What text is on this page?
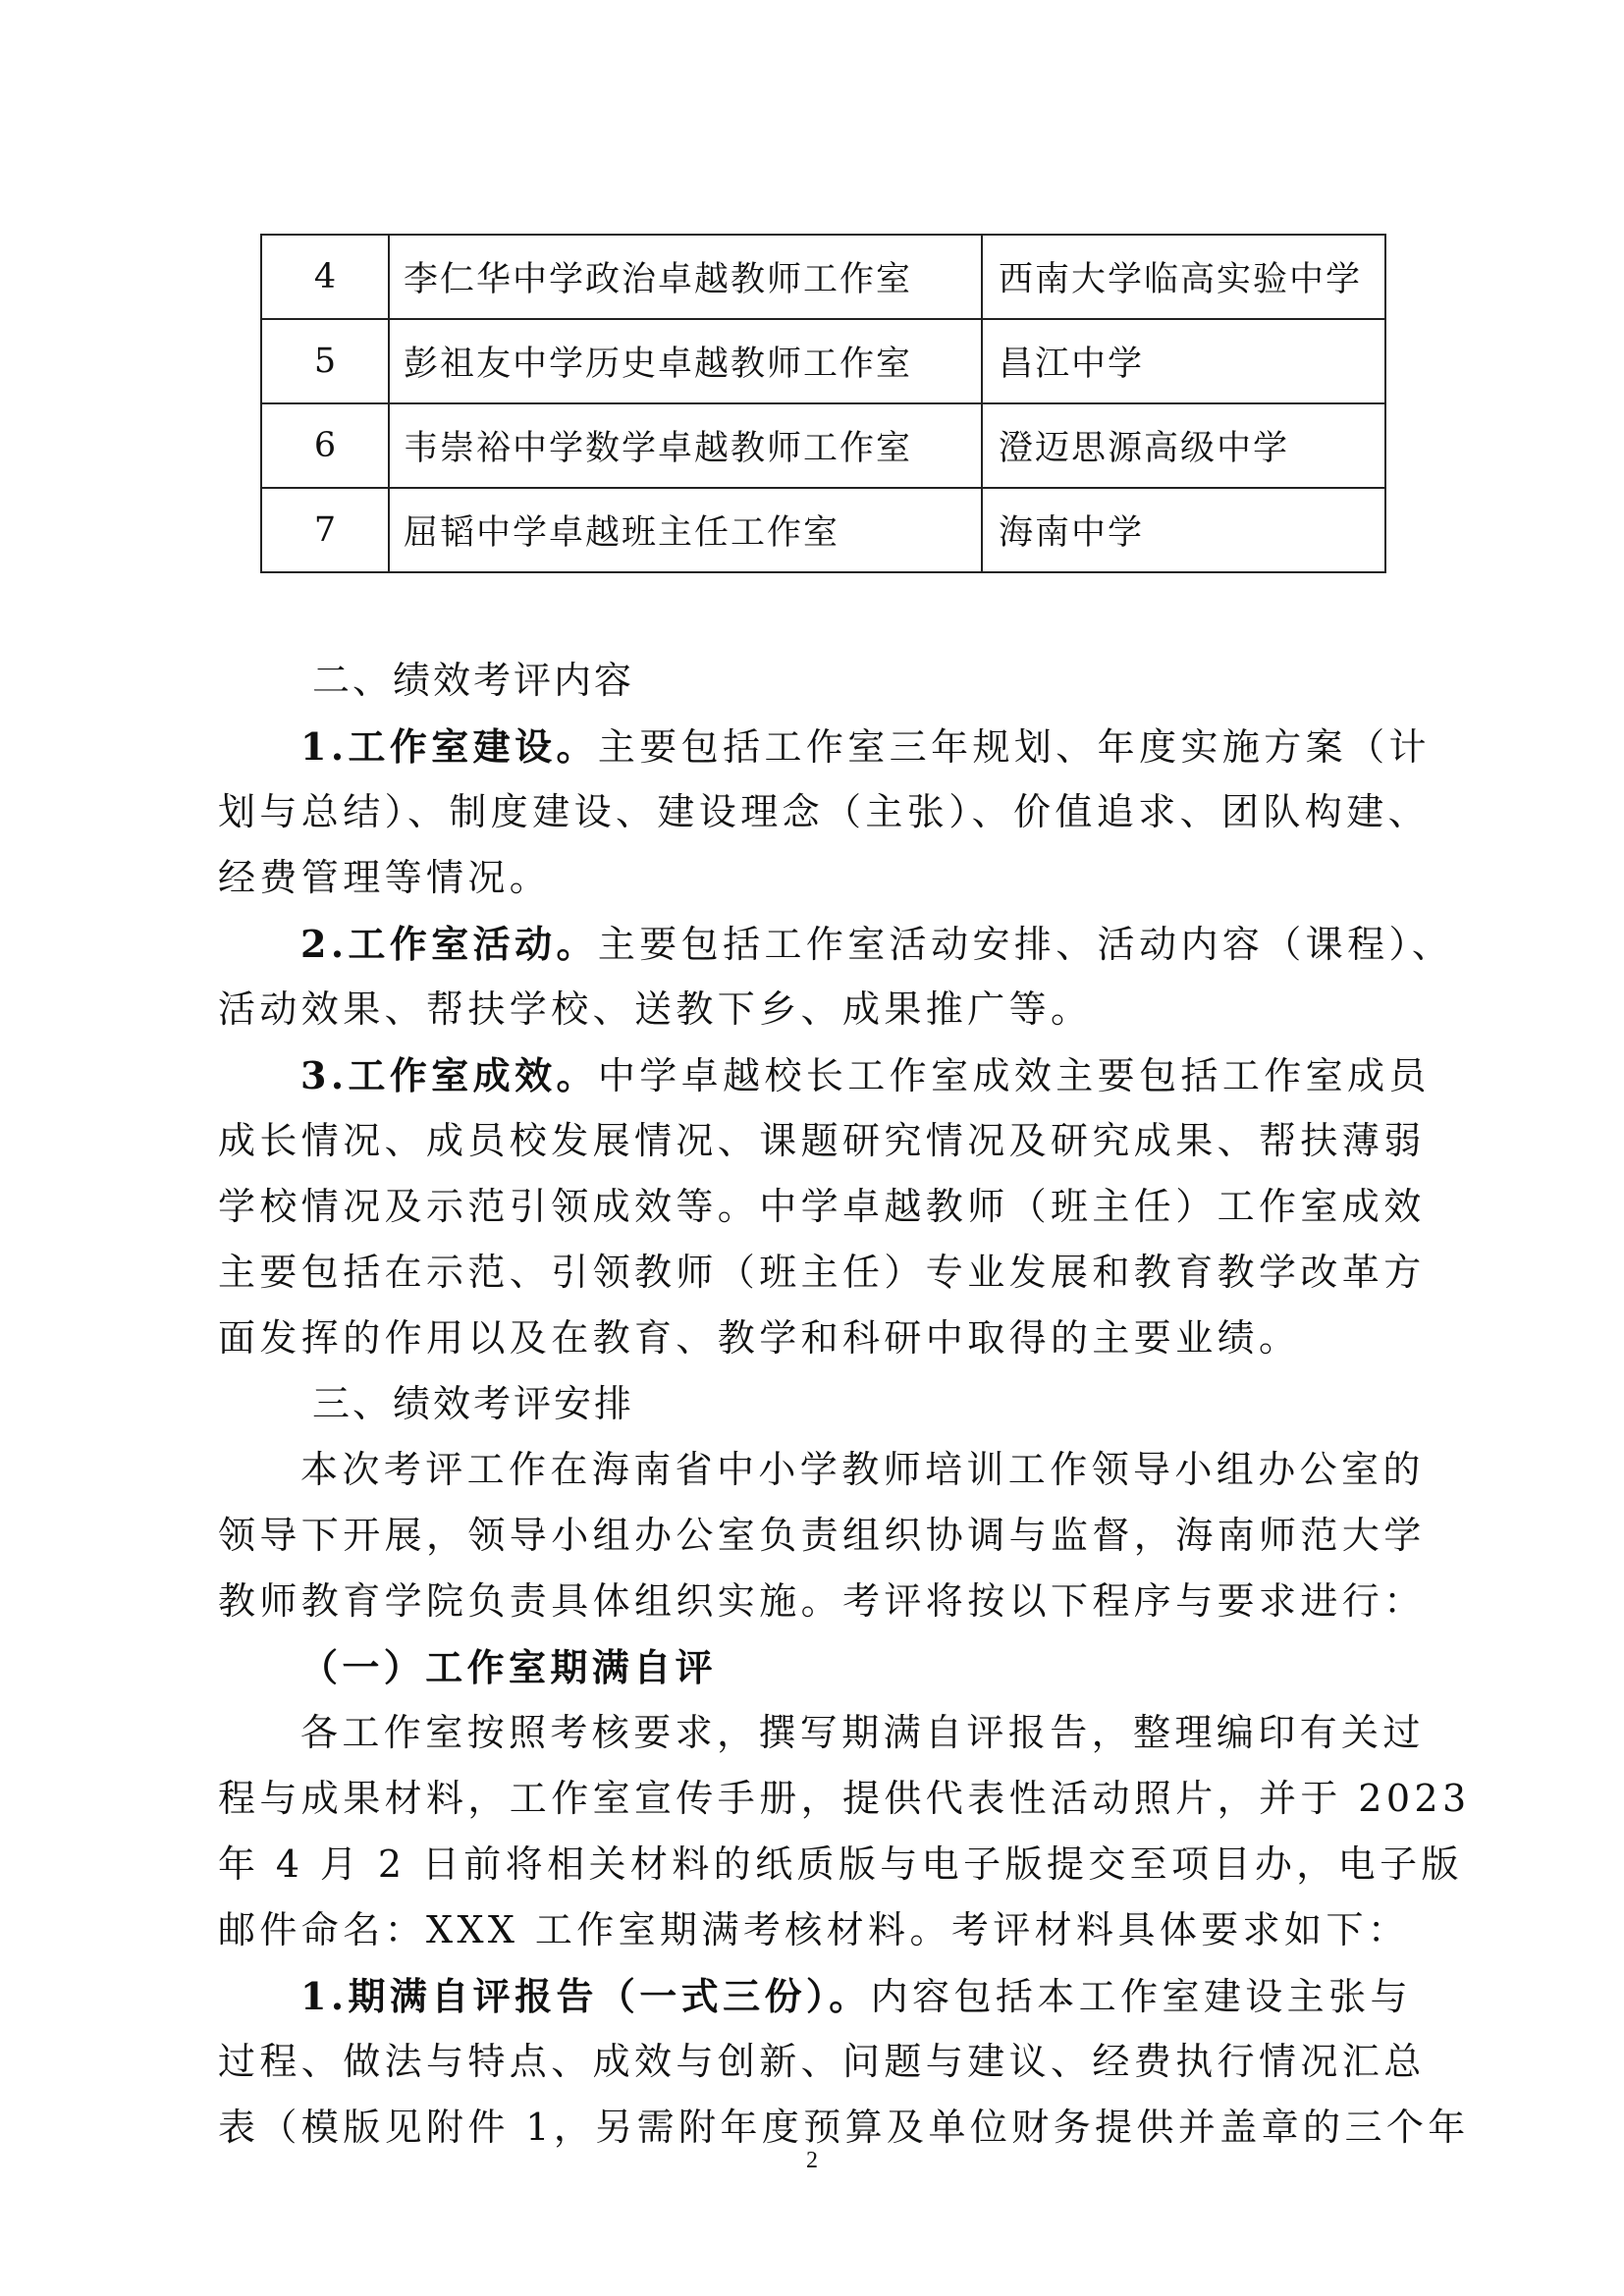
4	李仁华中学政治卓越教师工作室	西南大学临高实验中学
5	彭祖友中学历史卓越教师工作室	昌江中学
6	韦崇裕中学数学卓越教师工作室	澄迈思源高级中学
7	屈韬中学卓越班主任工作室	海南中学
二、绩效考评内容
1.工作室建设。主要包括工作室三年规划、年度实施方案（计
划与总结）、制度建设、建设理念（主张）、价值追求、团队构建、
经费管理等情况。
2.工作室活动。主要包括工作室活动安排、活动内容（课程）、
活动效果、帮扶学校、送教下乡、成果推广等。
3.工作室成效。中学卓越校长工作室成效主要包括工作室成员
成长情况、成员校发展情况、课题研究情况及研究成果、帮扶薄弱
学校情况及示范引领成效等。中学卓越教师（班主任）工作室成效
主要包括在示范、引领教师（班主任）专业发展和教育教学改革方
面发挥的作用以及在教育、教学和科研中取得的主要业绩。
三、绩效考评安排
本次考评工作在海南省中小学教师培训工作领导小组办公室的
领导下开展，领导小组办公室负责组织协调与监督，海南师范大学
教师教育学院负责具体组织实施。考评将按以下程序与要求进行：
（一）工作室期满自评
各工作室按照考核要求，撰写期满自评报告，整理编印有关过
程与成果材料，工作室宣传手册，提供代表性活动照片，并于 2023
年 4 月 2 日前将相关材料的纸质版与电子版提交至项目办，电子版
邮件命名：XXX 工作室期满考核材料。考评材料具体要求如下：
1.期满自评报告（一式三份）。内容包括本工作室建设主张与
过程、做法与特点、成效与创新、问题与建议、经费执行情况汇总
表（模版见附件 1，另需附年度预算及单位财务提供并盖章的三个年
2
